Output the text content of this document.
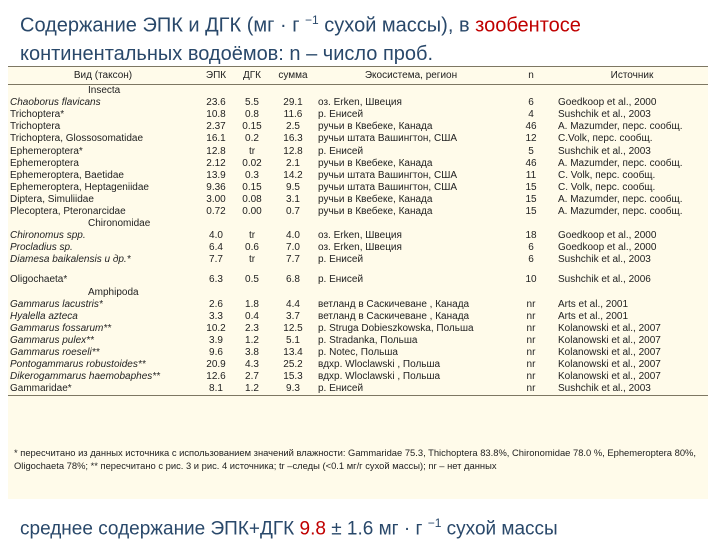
Содержание ЭПК и ДГК (мг · г $^{-1}$ сухой массы), в зообентосе
континентальных водоёмов: n – число проб.
Вид (таксон)	ЭПК	ДГК	сумма	Экосистема, регион	n	Источник
Insecta						
Chaoborus flavicans	23.6	5.5	29.1	оз. Erken, Швеция	6	Goedkoop et al., 2000
Trichoptera*	10.8	0.8	11.6	р. Енисей	4	Sushchik et al., 2003
Trichoptera	2.37	0.15	2.5	ручьи в Квебеке, Канада	46	A. Mazumder, перс. сообщ.
Trichoptera, Glossosomatidae	16.1	0.2	16.3	ручьи штата Вашингтон, США	12	C.Volk, перс. сообщ.
Ephemeroptera*	12.8	tr	12.8	р. Енисей	5	Sushchik et al., 2003
Ephemeroptera	2.12	0.02	2.1	ручьи в Квебеке, Канада	46	A. Mazumder, перс. сообщ.
Ephemeroptera, Baetidae	13.9	0.3	14.2	ручьи штата Вашингтон, США	11	C. Volk, перс. сообщ.
Ephemeroptera, Heptageniidae	9.36	0.15	9.5	ручьи штата Вашингтон, США	15	C. Volk, перс. сообщ.
Diptera, Simuliidae	3.00	0.08	3.1	ручьи в Квебеке, Канада	15	A. Mazumder, перс. сообщ.
Plecoptera, Pteronarcidae	0.72	0.00	0.7	ручьи в Квебеке, Канада	15	A. Mazumder, перс. сообщ.
Chironomidae						
Chironomus spp.	4.0	tr	4.0	оз. Erken, Швеция	18	Goedkoop et al., 2000
Procladius sp.	6.4	0.6	7.0	оз. Erken, Швеция	6	Goedkoop et al., 2000
Diamesa baikalensis и др.*	7.7	tr	7.7	р. Енисей	6	Sushchik et al., 2003

Oligochaeta*	6.3	0.5	6.8	р. Енисей	10	Sushchik et al., 2006
Amphipoda						
Gammarus lacustris*	2.6	1.8	4.4	ветланд в Саскичеване , Канада	nr	Arts et al., 2001
Hyalella azteca	3.3	0.4	3.7	ветланд в Саскичеване , Канада	nr	Arts et al., 2001
Gammarus fossarum**	10.2	2.3	12.5	р. Struga Dobieszkowska, Польша	nr	Kolanowski et al., 2007
Gammarus pulex**	3.9	1.2	5.1	р. Stradanka, Польша	nr	Kolanowski et al., 2007
Gammarus roeseli**	9.6	3.8	13.4	р. Notec, Польша	nr	Kolanowski et al., 2007
Pontogammarus robustoides**	20.9	4.3	25.2	вдхр. Wloclawski , Польша	nr	Kolanowski et al., 2007
Dikerogammarus haemobaphes**	12.6	2.7	15.3	вдхр. Wloclawski , Польша	nr	Kolanowski et al., 2007
Gammaridae*	8.1	1.2	9.3	р. Енисей	nr	Sushchik et al., 2003
* пересчитано из данных источника с использованием значений влажности: Gammaridae 75.3, Thichoptera 83.8%, Chironomidae 78.0 %, Ephemeroptera 80%, Oligochaeta 78%; ** пересчитано с рис. 3 и рис. 4 источника; tr –следы (<0.1 мг/г сухой массы); nr – нет данных
среднее содержание ЭПК+ДГК 9.8 ± 1.6 мг · г $^{-1}$ сухой массы
